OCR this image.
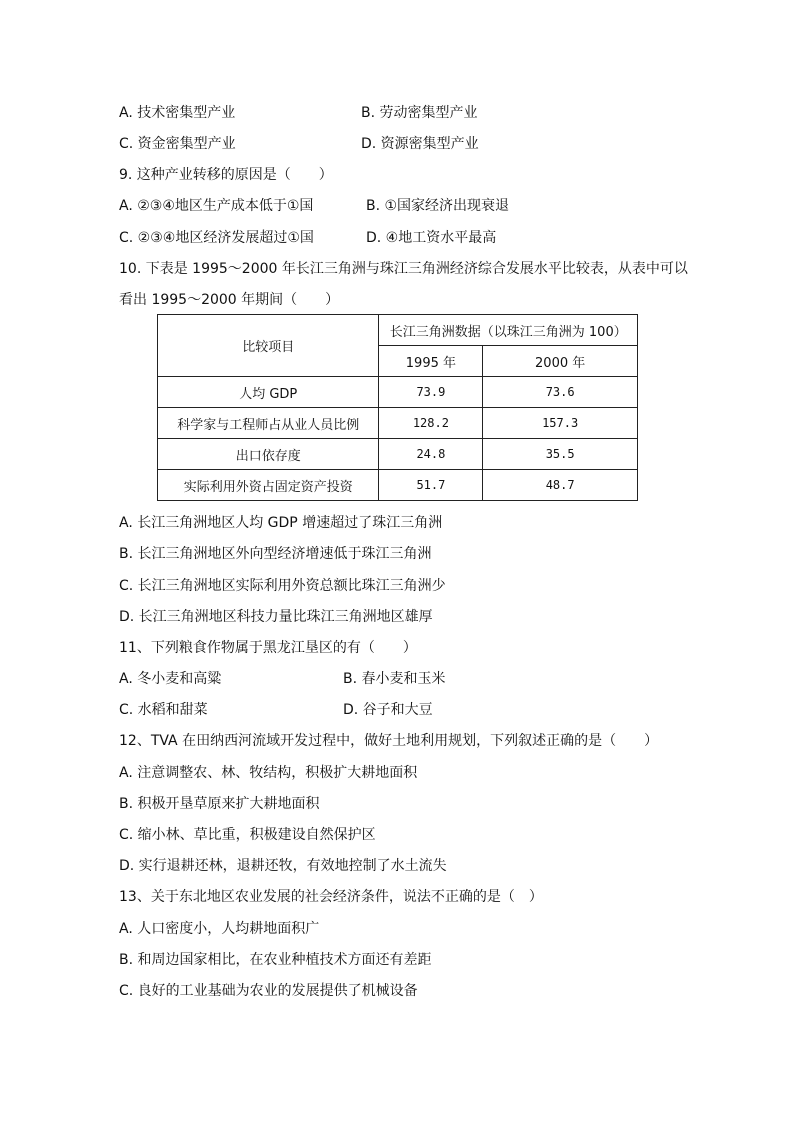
A. 技术密集型产业	B. 劳动密集型产业
C. 资金密集型产业	D. 资源密集型产业
9. 这种产业转移的原因是（　　）
A. ②③④地区生产成本低于①国	B. ①国家经济出现衰退
C. ②③④地区经济发展超过①国	D. ④地工资水平最高
10. 下表是 1995～2000 年长江三角洲与珠江三角洲经济综合发展水平比较表，从表中可以
看出 1995～2000 年期间（　　）
比较项目	长江三角洲数据（以珠江三角洲为 100）	
	1995 年	2000 年
人均 GDP	73.9	73.6
科学家与工程师占从业人员比例	128.2	157.3
出口依存度	24.8	35.5
实际利用外资占固定资产投资	51.7	48.7
A. 长江三角洲地区人均 GDP 增速超过了珠江三角洲
B. 长江三角洲地区外向型经济增速低于珠江三角洲
C. 长江三角洲地区实际利用外资总额比珠江三角洲少
D. 长江三角洲地区科技力量比珠江三角洲地区雄厚
11、下列粮食作物属于黑龙江垦区的有（　　）
A. 冬小麦和高粱	B. 春小麦和玉米
C. 水稻和甜菜	D. 谷子和大豆
12、TVA 在田纳西河流域开发过程中，做好土地利用规划，下列叙述正确的是（　　）
A. 注意调整农、林、牧结构，积极扩大耕地面积
B. 积极开垦草原来扩大耕地面积
C. 缩小林、草比重，积极建设自然保护区
D. 实行退耕还林，退耕还牧，有效地控制了水土流失
13、关于东北地区农业发展的社会经济条件，说法不正确的是（　）
A. 人口密度小，人均耕地面积广
B. 和周边国家相比，在农业种植技术方面还有差距
C. 良好的工业基础为农业的发展提供了机械设备
